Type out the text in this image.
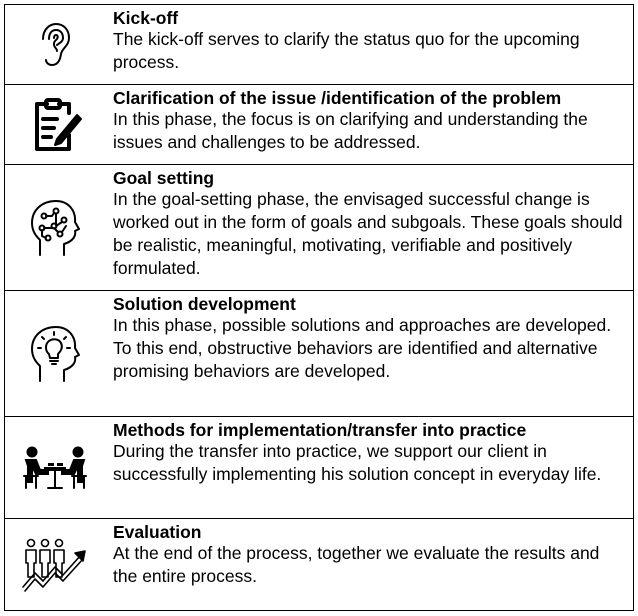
Kick-off
The kick-off serves to clarify the status quo for the upcoming process.
Clarification of the issue /identification of the problem
In this phase, the focus is on clarifying and understanding the issues and challenges to be addressed.
Goal setting
In the goal-setting phase, the envisaged successful change is worked out in the form of goals and subgoals. These goals should be realistic, meaningful, motivating, verifiable and positively formulated.
Solution development
In this phase, possible solutions and approaches are developed. To this end, obstructive behaviors are identified and alternative promising behaviors are developed.
Methods for implementation/transfer into practice
During the transfer into practice, we support our client in successfully implementing his solution concept in everyday life.
Evaluation
At the end of the process, together we evaluate the results and the entire process.
